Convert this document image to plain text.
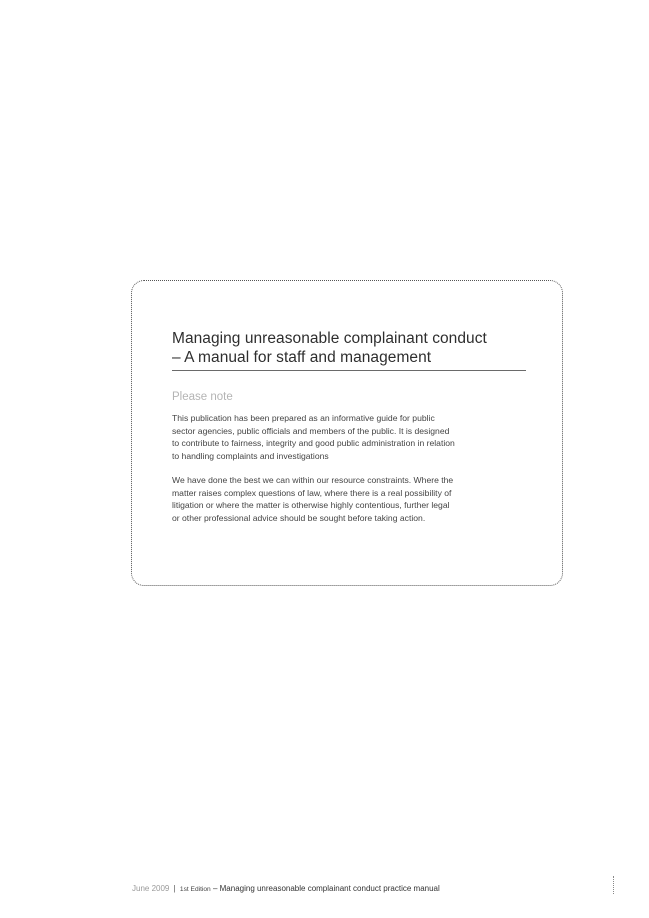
Managing unreasonable complainant conduct
– A manual for staff and management
Please note

This publication has been prepared as an informative guide for public
sector agencies, public officials and members of the public. It is designed
to contribute to fairness, integrity and good public administration in relation
to handling complaints and investigations

We have done the best we can within our resource constraints. Where the
matter raises complex questions of law, where there is a real possibility of
litigation or where the matter is otherwise highly contentious, further legal
or other professional advice should be sought before taking action.

June 2009 | 1st Edition – Managing unreasonable complainant conduct practice manual
